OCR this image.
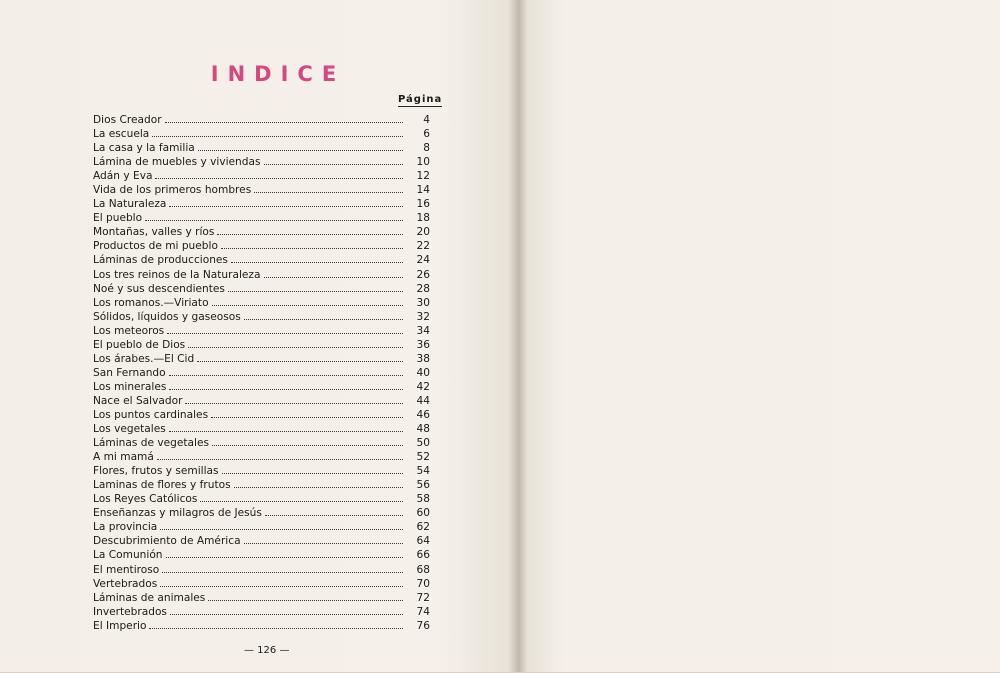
INDICE
Página
Dios Creador	4
La escuela	6
La casa y la familia	8
Lámina de muebles y viviendas	10
Adán y Eva	12
Vida de los primeros hombres	14
La Naturaleza	16
El pueblo	18
Montañas, valles y ríos	20
Productos de mi pueblo	22
Láminas de producciones	24
Los tres reinos de la Naturaleza	26
Noé y sus descendientes	28
Los romanos.—Viriato	30
Sólidos, líquidos y gaseosos	32
Los meteoros	34
El pueblo de Dios	36
Los árabes.—El Cid	38
San Fernando	40
Los minerales	42
Nace el Salvador	44
Los puntos cardinales	46
Los vegetales	48
Láminas de vegetales	50
A mi mamá	52
Flores, frutos y semillas	54
Laminas de flores y frutos	56
Los Reyes Católicos	58
Enseñanzas y milagros de Jesús	60
La provincia	62
Descubrimiento de América	64
La Comunión	66
El mentiroso	68
Vertebrados	70
Láminas de animales	72
Invertebrados	74
El Imperio	76
— 126 —
